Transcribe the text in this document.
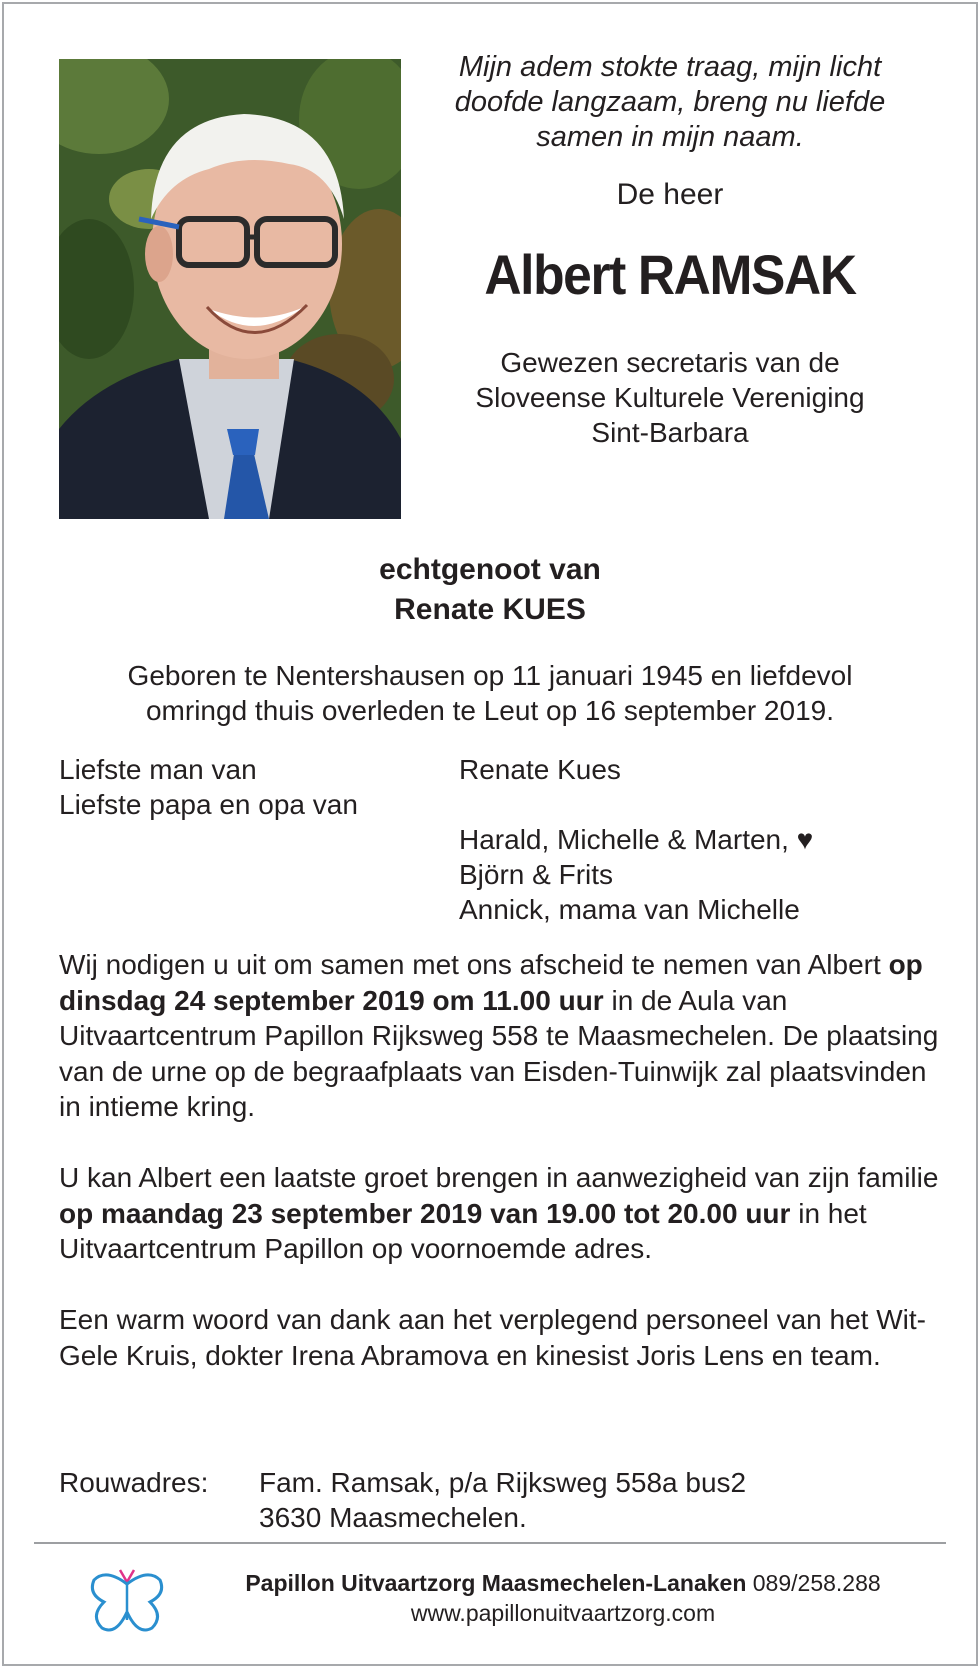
Mijn adem stokte traag, mijn licht
doofde langzaam, breng nu liefde
samen in mijn naam.
De heer
Albert RAMSAK
Gewezen secretaris van de
Sloveense Kulturele Vereniging
Sint-Barbara
echtgenoot van
Renate KUES
Geboren te Nentershausen op 11 januari 1945 en liefdevol
omringd thuis overleden te Leut op 16 september 2019.
Liefste man van
Liefste papa en opa van
Renate Kues
Harald, Michelle & Marten, ♥
Björn & Frits
Annick, mama van Michelle

Wij nodigen u uit om samen met ons afscheid te nemen van Albert op dinsdag 24 september 2019 om 11.00 uur in de Aula van Uitvaartcentrum Papillon Rijksweg 558 te Maasmechelen. De plaatsing van de urne op de begraafplaats van Eisden-Tuinwijk zal plaatsvinden in intieme kring.

U kan Albert een laatste groet brengen in aanwezigheid van zijn familie op maandag 23 september 2019 van 19.00 tot 20.00 uur in het Uitvaartcentrum Papillon op voornoemde adres.

Een warm woord van dank aan het verplegend personeel van het Wit-Gele Kruis, dokter Irena Abramova en kinesist Joris Lens en team.

Rouwadres: Fam. Ramsak, p/a Rijksweg 558a bus2
3630 Maasmechelen.
Papillon Uitvaartzorg Maasmechelen-Lanaken 089/258.288
www.papillonuitvaartzorg.com
